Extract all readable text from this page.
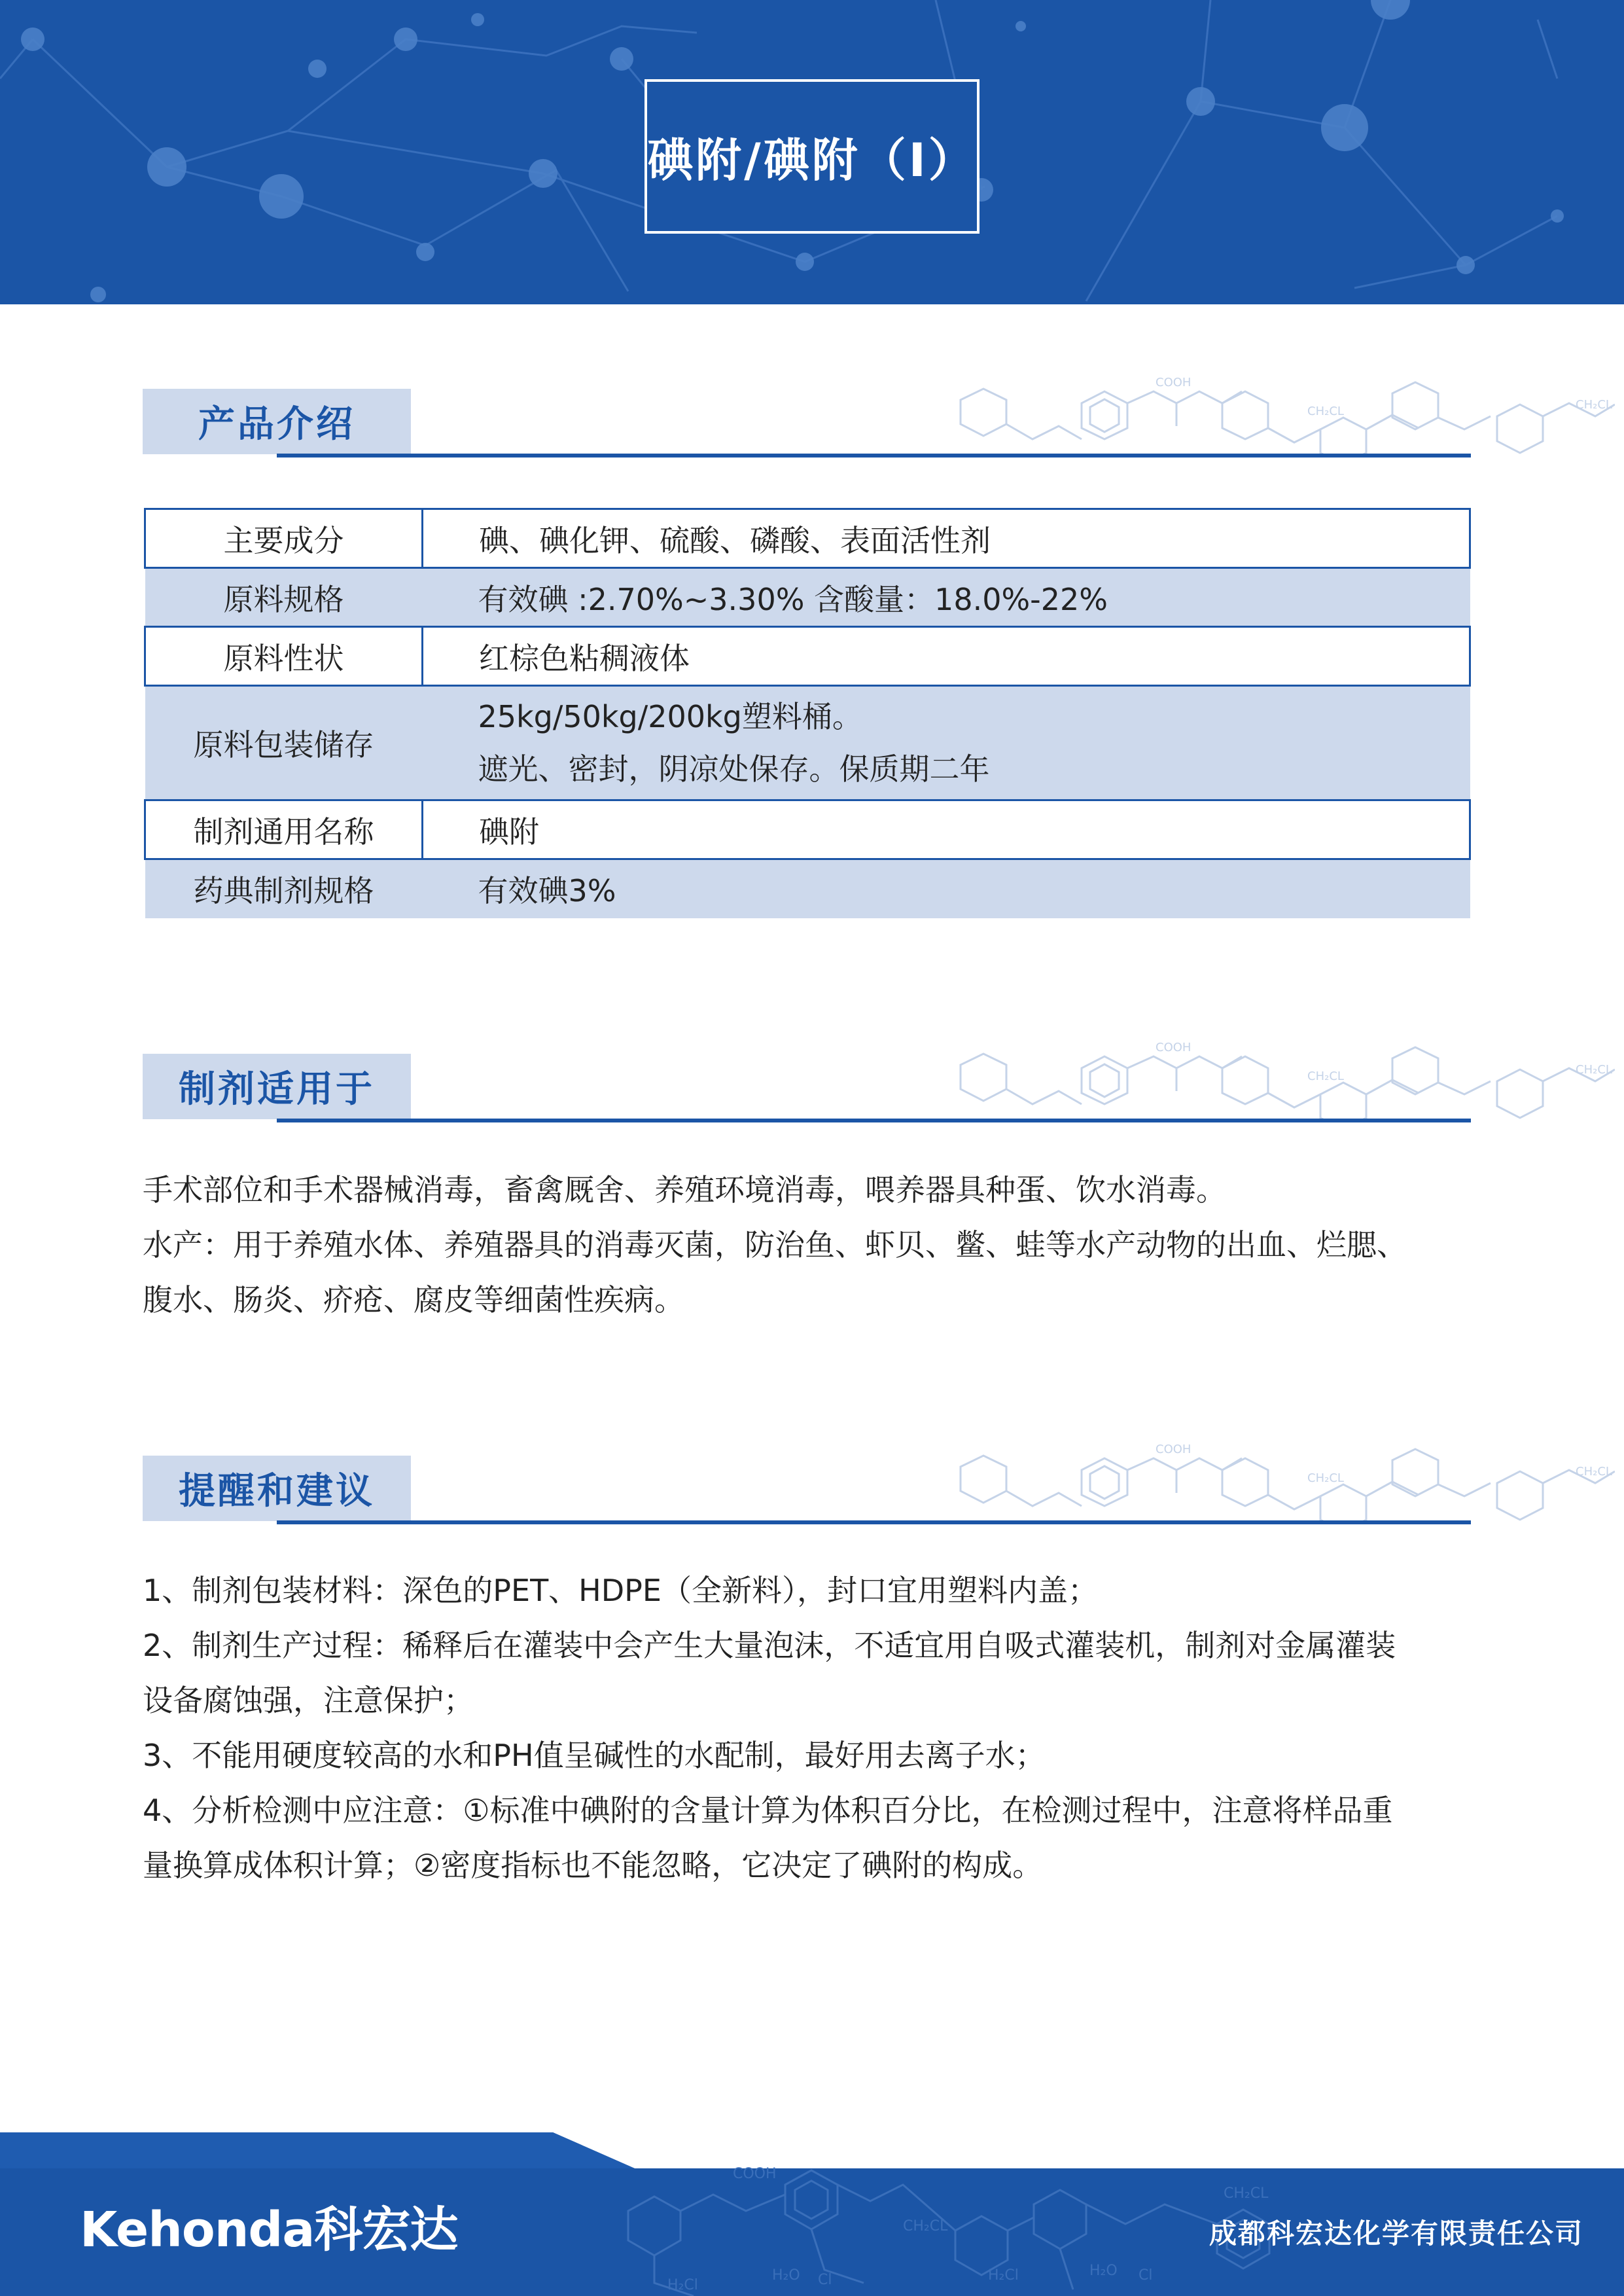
碘附/碘附（I）
产品介绍
COOH
CH₂CL	CH₂CL
主要成分	碘、碘化钾、硫酸、磷酸、表面活性剂
原料规格	有效碘 :2.70%~3.30% 含酸量：18.0%-22%
原料性状	红棕色粘稠液体
原料包装储存	25kg/50kg/200kg塑料桶。
遮光、密封，阴凉处保存。保质期二年

制剂通用名称	碘附
药典制剂规格	有效碘3%
制剂适用于
COOH
CH₂CL	CH₂CL
手术部位和手术器械消毒，畜禽厩舍、养殖环境消毒，喂养器具种蛋、饮水消毒。
水产：用于养殖水体、养殖器具的消毒灭菌，防治鱼、虾贝、鳖、蛙等水产动物的出血、烂腮、
腹水、肠炎、疥疮、腐皮等细菌性疾病。
提醒和建议
COOH
CH₂CL	CH₂CL
1、制剂包装材料：深色的PET、HDPE（全新料），封口宜用塑料内盖；
2、制剂生产过程：稀释后在灌装中会产生大量泡沫，不适宜用自吸式灌装机，制剂对金属灌装
设备腐蚀强，注意保护；
3、不能用硬度较高的水和PH值呈碱性的水配制，最好用去离子水；
4、分析检测中应注意：①标准中碘附的含量计算为体积百分比，在检测过程中，注意将样品重
量换算成体积计算；②密度指标也不能忽略，它决定了碘附的构成。
COOH
CH₂CL
CH₂CL
H₂Cl
H₂O	H₂Cl	H₂O
Cl	Cl
Kehonda科宏达	成都科宏达化学有限责任公司
